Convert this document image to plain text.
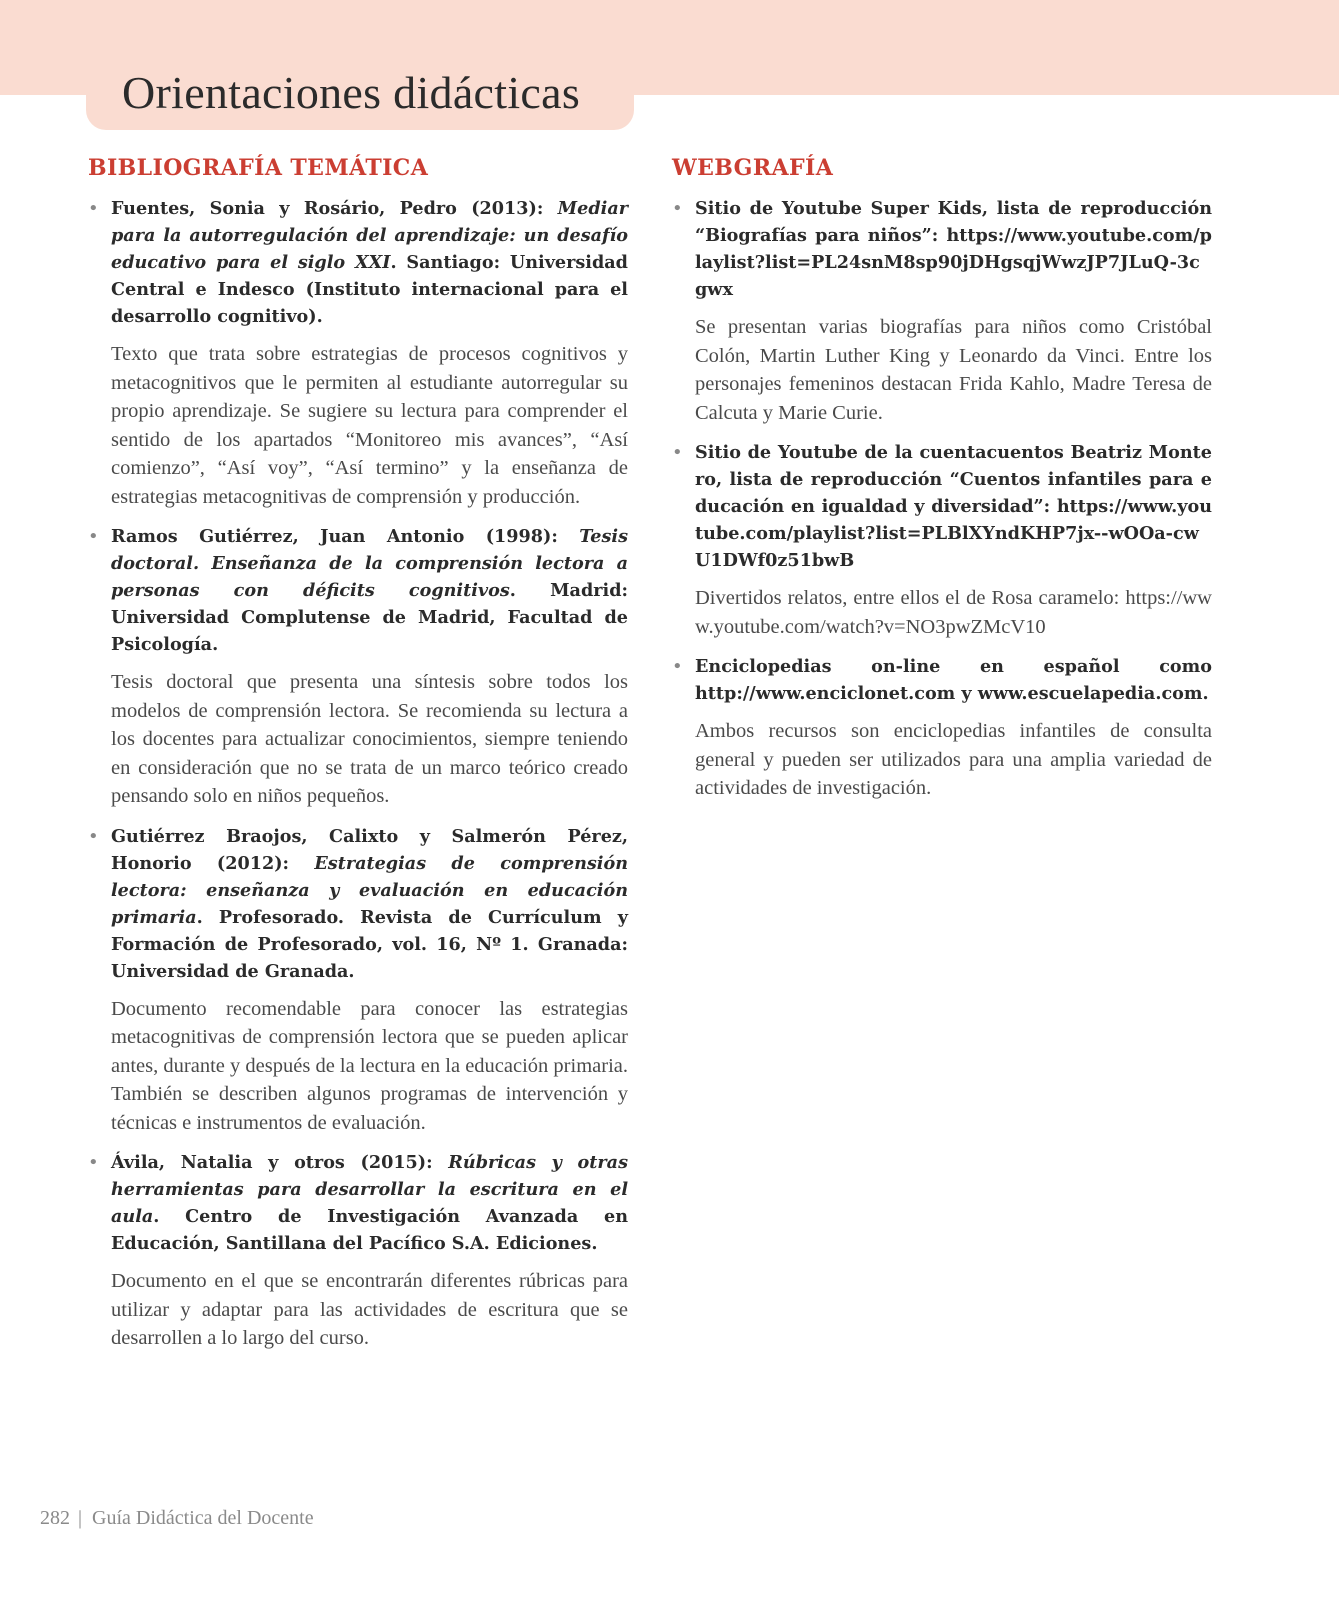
Orientaciones didácticas
BIBLIOGRAFÍA TEMÁTICA
• Fuentes, Sonia y Rosário, Pedro (2013): Mediar para la autorregulación del aprendizaje: un desafío educativo para el siglo XXI. Santiago: Universidad Central e Indesco (Instituto internacional para el desarrollo cognitivo).

Texto que trata sobre estrategias de procesos cognitivos y metacognitivos que le permiten al estudiante autorregular su propio aprendizaje. Se sugiere su lectura para comprender el sentido de los apartados “Monitoreo mis avances”, “Así comienzo”, “Así voy”, “Así termino” y la enseñanza de estrategias metacognitivas de comprensión y producción.

• Ramos Gutiérrez, Juan Antonio (1998): Tesis doctoral. Enseñanza de la comprensión lectora a personas con déficits cognitivos. Madrid: Universidad Complutense de Madrid, Facultad de Psicología.

Tesis doctoral que presenta una síntesis sobre todos los modelos de comprensión lectora. Se recomienda su lectura a los docentes para actualizar conocimientos, siempre teniendo en consideración que no se trata de un marco teórico creado pensando solo en niños pequeños.

• Gutiérrez Braojos, Calixto y Salmerón Pérez, Honorio (2012): Estrategias de comprensión lectora: enseñanza y evaluación en educación primaria. Profesorado. Revista de Currículum y Formación de Profesorado, vol. 16, Nº 1. Granada: Universidad de Granada.

Documento recomendable para conocer las estrategias metacognitivas de comprensión lectora que se pueden aplicar antes, durante y después de la lectura en la educación primaria. También se describen algunos programas de intervención y técnicas e instrumentos de evaluación.

• Ávila, Natalia y otros (2015): Rúbricas y otras herramientas para desarrollar la escritura en el aula. Centro de Investigación Avanzada en Educación, Santillana del Pacífico S.A. Ediciones.

Documento en el que se encontrarán diferentes rúbricas para utilizar y adaptar para las actividades de escritura que se desarrollen a lo largo del curso.

WEBGRAFÍA
• Sitio de Youtube Super Kids, lista de reproducción “Biografías para niños”: https://www.youtube.com/playlist?list=PL24snM8sp90jDHgsqjWwzJP7JLuQ-3cgwx

Se presentan varias biografías para niños como Cristóbal Colón, Martin Luther King y Leonardo da Vinci. Entre los personajes femeninos destacan Frida Kahlo, Madre Teresa de Calcuta y Marie Curie.

• Sitio de Youtube de la cuentacuentos Beatriz Montero, lista de reproducción “Cuentos infantiles para educación en igualdad y diversidad”: https://www.youtube.com/playlist?list=PLBlXYndKHP7jx--wOOa-cwU1DWf0z51bwB

Divertidos relatos, entre ellos el de Rosa caramelo: https://www.youtube.com/watch?v=NO3pwZMcV10

• Enciclopedias on-line en español como http://www.enciclonet.com y www.escuelapedia.com.

Ambos recursos son enciclopedias infantiles de consulta general y pueden ser utilizados para una amplia variedad de actividades de investigación.

282 | Guía Didáctica del Docente
